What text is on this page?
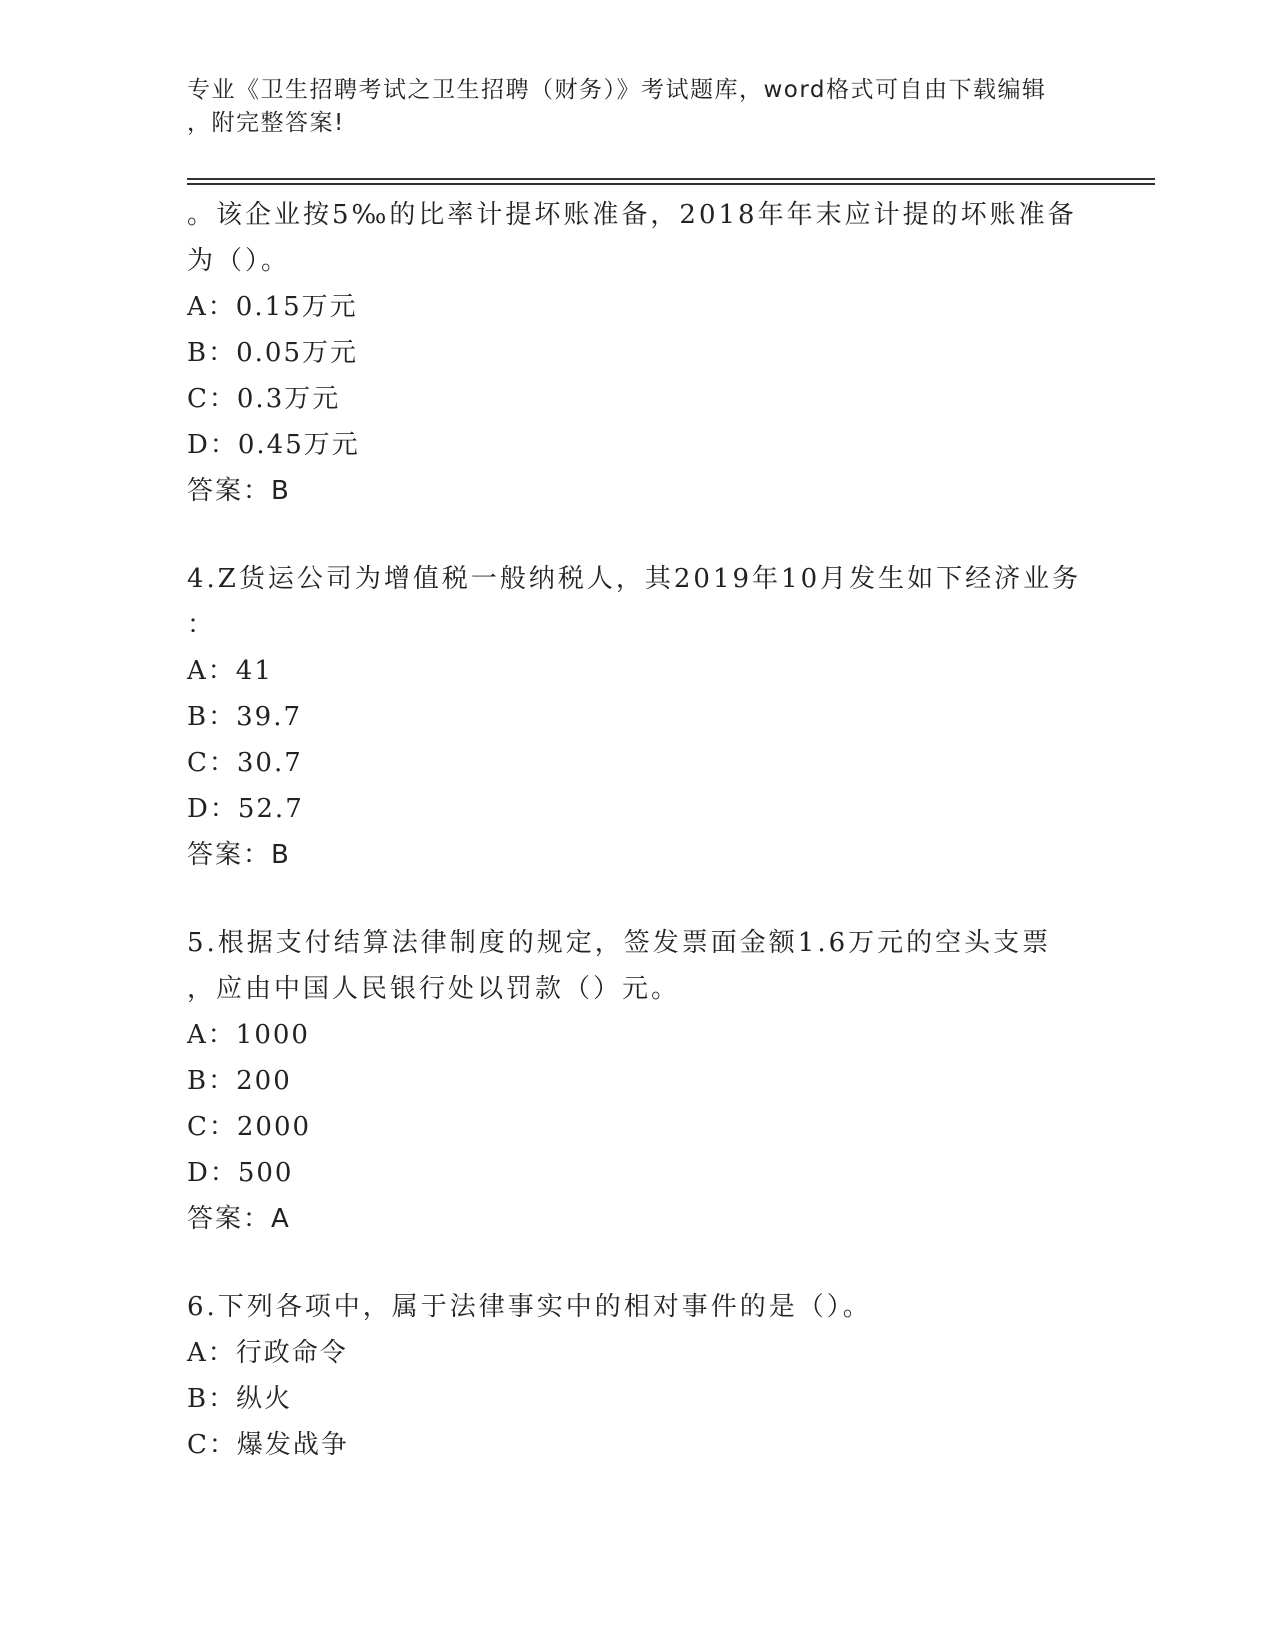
专业《卫生招聘考试之卫生招聘（财务）》考试题库，word格式可自由下载编辑
，附完整答案!
。该企业按5‰的比率计提坏账准备，2018年年末应计提的坏账准备
为（）。
A：0.15万元
B：0.05万元
C：0.3万元
D：0.45万元
答案：B
4.Z货运公司为增值税一般纳税人，其2019年10月发生如下经济业务
：
A：41
B：39.7
C：30.7
D：52.7
答案：B
5.根据支付结算法律制度的规定，签发票面金额1.6万元的空头支票
，应由中国人民银行处以罚款（）元。
A：1000
B：200
C：2000
D：500
答案：A
6.下列各项中，属于法律事实中的相对事件的是（）。
A：行政命令
B：纵火
C：爆发战争
